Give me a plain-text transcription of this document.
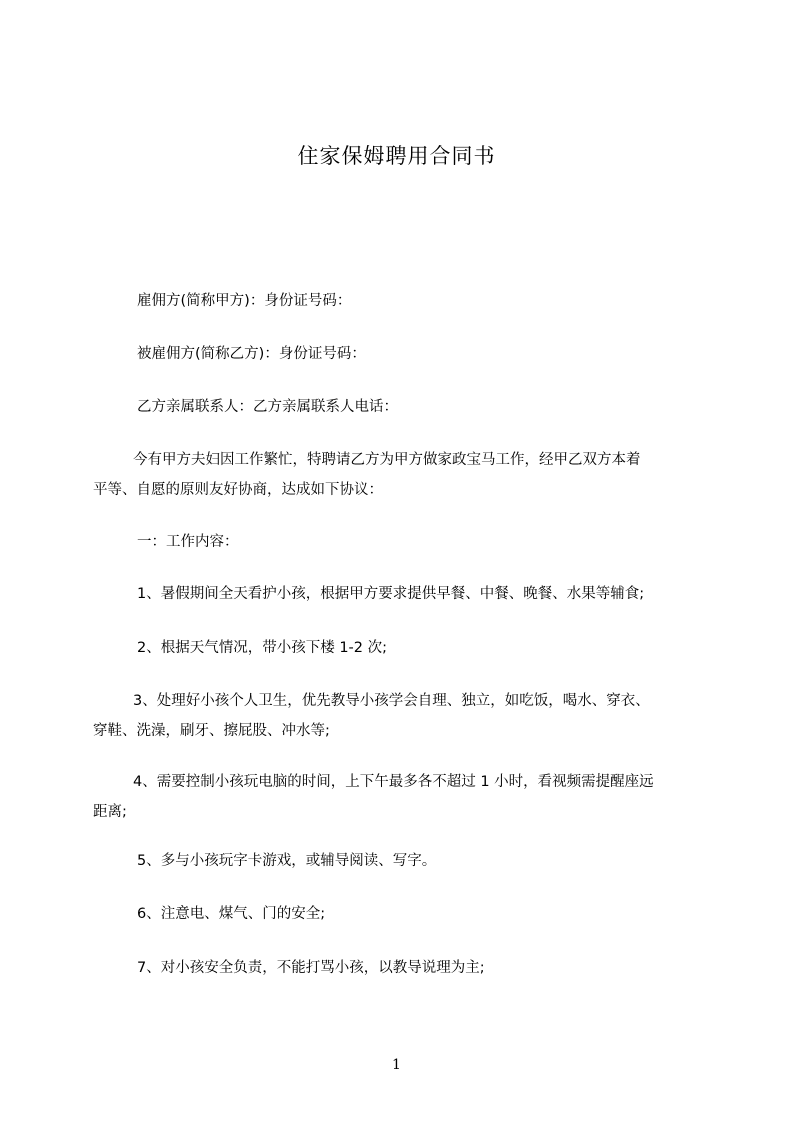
住家保姆聘用合同书
雇佣方(简称甲方)：身份证号码：
被雇佣方(简称乙方)：身份证号码：
乙方亲属联系人：乙方亲属联系人电话：
今有甲方夫妇因工作繁忙，特聘请乙方为甲方做家政宝马工作，经甲乙双方本着
平等、自愿的原则友好协商，达成如下协议：
一：工作内容：
1、暑假期间全天看护小孩，根据甲方要求提供早餐、中餐、晚餐、水果等辅食;
2、根据天气情况，带小孩下楼 1-2 次;
3、处理好小孩个人卫生，优先教导小孩学会自理、独立，如吃饭，喝水、穿衣、
穿鞋、洗澡，刷牙、擦屁股、冲水等;
4、需要控制小孩玩电脑的时间，上下午最多各不超过 1 小时，看视频需提醒座远
距离;
5、多与小孩玩字卡游戏，或辅导阅读、写字。
6、注意电、煤气、门的安全;
7、对小孩安全负责，不能打骂小孩，以教导说理为主;
1
